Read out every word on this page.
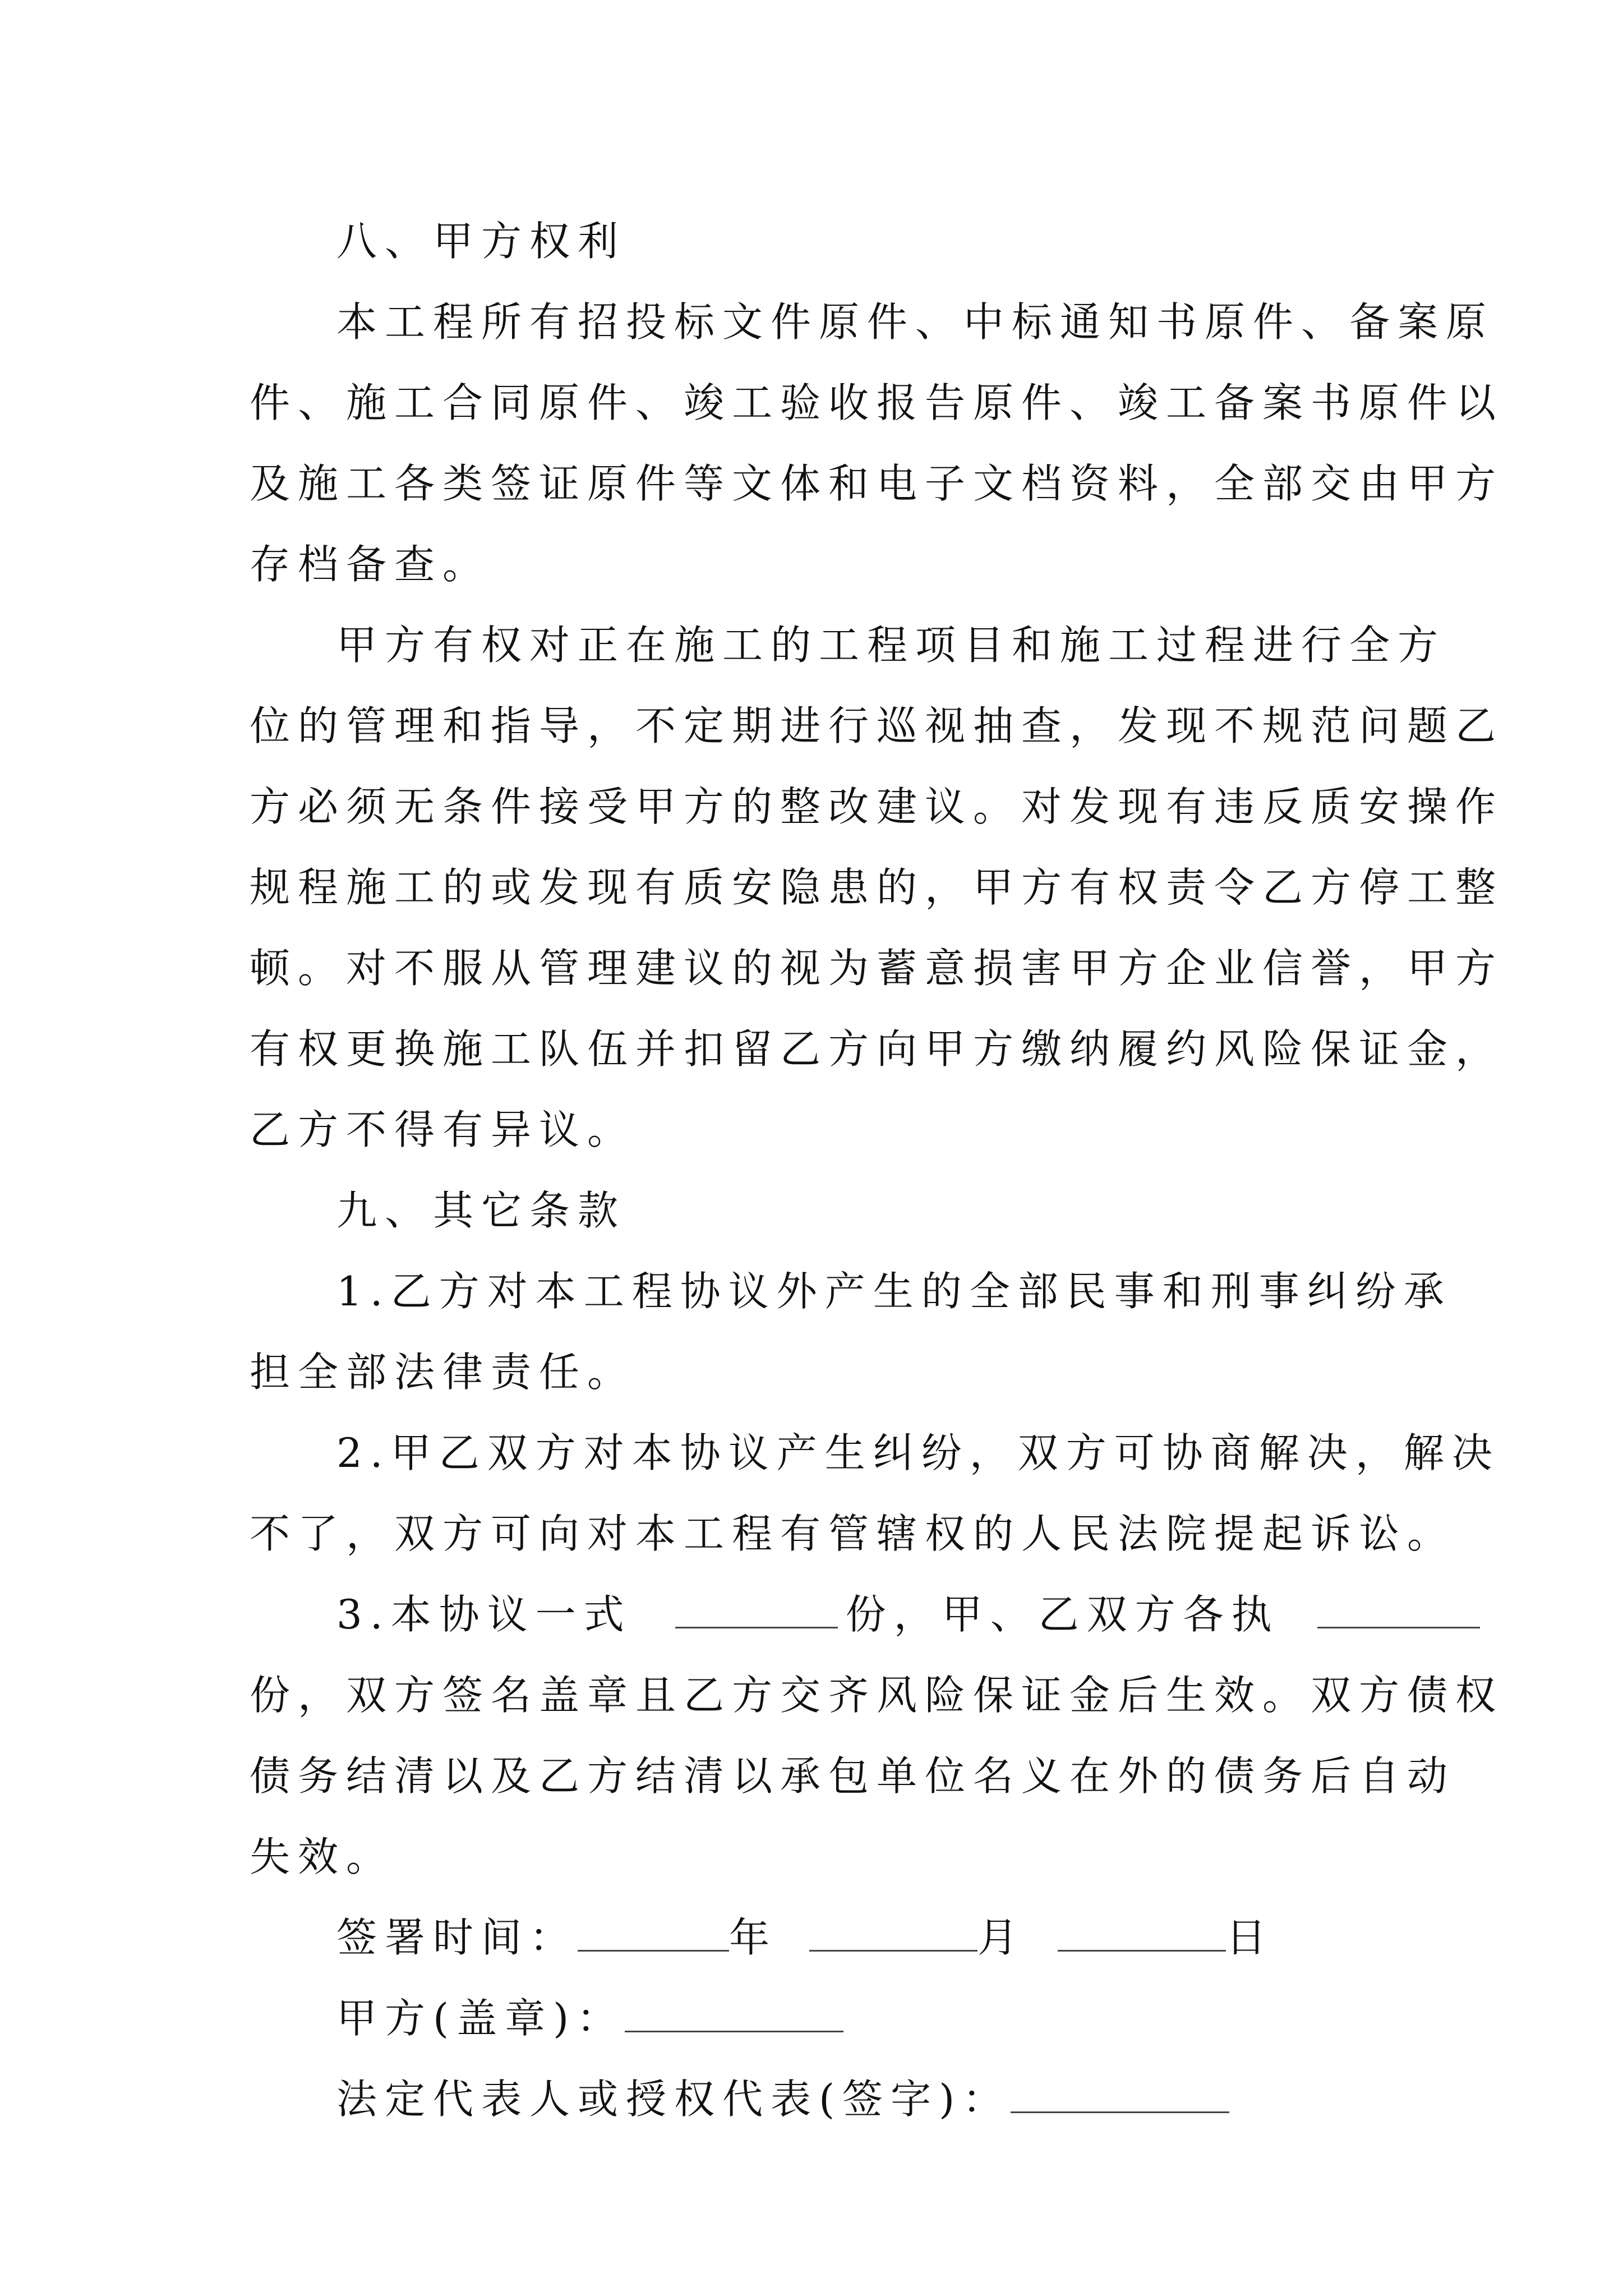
八、甲方权利
本工程所有招投标文件原件、中标通知书原件、备案原
件、施工合同原件、竣工验收报告原件、竣工备案书原件以
及施工各类签证原件等文体和电子文档资料，全部交由甲方
存档备查。
甲方有权对正在施工的工程项目和施工过程进行全方
位的管理和指导，不定期进行巡视抽查，发现不规范问题乙
方必须无条件接受甲方的整改建议。对发现有违反质安操作
规程施工的或发现有质安隐患的，甲方有权责令乙方停工整
顿。对不服从管理建议的视为蓄意损害甲方企业信誉，甲方
有权更换施工队伍并扣留乙方向甲方缴纳履约风险保证金，
乙方不得有异议。
九、其它条款
1.乙方对本工程协议外产生的全部民事和刑事纠纷承
担全部法律责任。
2.甲乙双方对本协议产生纠纷，双方可协商解决，解决
不了，双方可向对本工程有管辖权的人民法院提起诉讼。
3.本协议一式	份，甲、乙双方各执
份，双方签名盖章且乙方交齐风险保证金后生效。双方债权
债务结清以及乙方结清以承包单位名义在外的债务后自动
失效。
签署时间：	年	月	日
甲方(盖章)：
法定代表人或授权代表(签字)：
